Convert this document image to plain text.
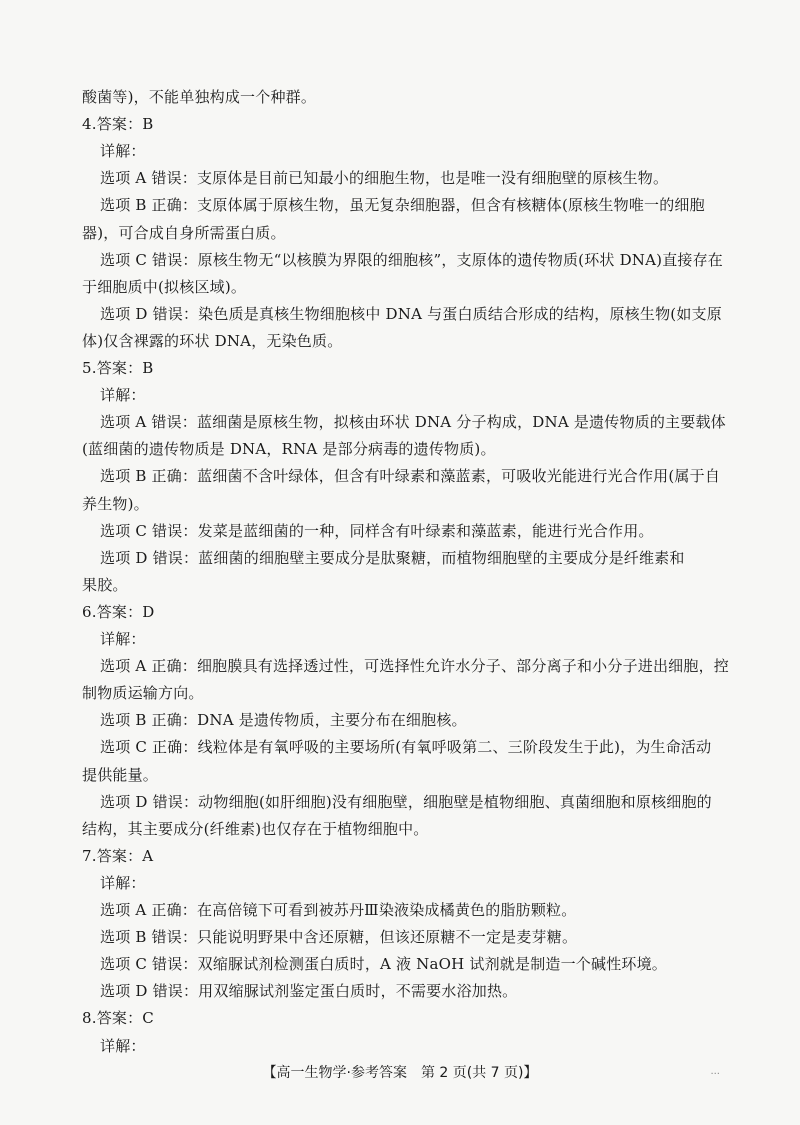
酸菌等)，不能单独构成一个种群。
4.答案：B
详解：
选项 A 错误：支原体是目前已知最小的细胞生物，也是唯一没有细胞壁的原核生物。
选项 B 正确：支原体属于原核生物，虽无复杂细胞器，但含有核糖体(原核生物唯一的细胞
器)，可合成自身所需蛋白质。
选项 C 错误：原核生物无“以核膜为界限的细胞核”，支原体的遗传物质(环状 DNA)直接存在
于细胞质中(拟核区域)。
选项 D 错误：染色质是真核生物细胞核中 DNA 与蛋白质结合形成的结构，原核生物(如支原
体)仅含裸露的环状 DNA，无染色质。
5.答案：B
详解：
选项 A 错误：蓝细菌是原核生物，拟核由环状 DNA 分子构成，DNA 是遗传物质的主要载体
(蓝细菌的遗传物质是 DNA，RNA 是部分病毒的遗传物质)。
选项 B 正确：蓝细菌不含叶绿体，但含有叶绿素和藻蓝素，可吸收光能进行光合作用(属于自
养生物)。
选项 C 错误：发菜是蓝细菌的一种，同样含有叶绿素和藻蓝素，能进行光合作用。
选项 D 错误：蓝细菌的细胞壁主要成分是肽聚糖，而植物细胞壁的主要成分是纤维素和
果胶。
6.答案：D
详解：
选项 A 正确：细胞膜具有选择透过性，可选择性允许水分子、部分离子和小分子进出细胞，控
制物质运输方向。
选项 B 正确：DNA 是遗传物质，主要分布在细胞核。
选项 C 正确：线粒体是有氧呼吸的主要场所(有氧呼吸第二、三阶段发生于此)，为生命活动
提供能量。
选项 D 错误：动物细胞(如肝细胞)没有细胞壁，细胞壁是植物细胞、真菌细胞和原核细胞的
结构，其主要成分(纤维素)也仅存在于植物细胞中。
7.答案：A
详解：
选项 A 正确：在高倍镜下可看到被苏丹Ⅲ染液染成橘黄色的脂肪颗粒。
选项 B 错误：只能说明野果中含还原糖，但该还原糖不一定是麦芽糖。
选项 C 错误：双缩脲试剂检测蛋白质时，A 液 NaOH 试剂就是制造一个碱性环境。
选项 D 错误：用双缩脲试剂鉴定蛋白质时，不需要水浴加热。
8.答案：C
详解：
【高一生物学·参考答案　第 2 页(共 7 页)】	...
